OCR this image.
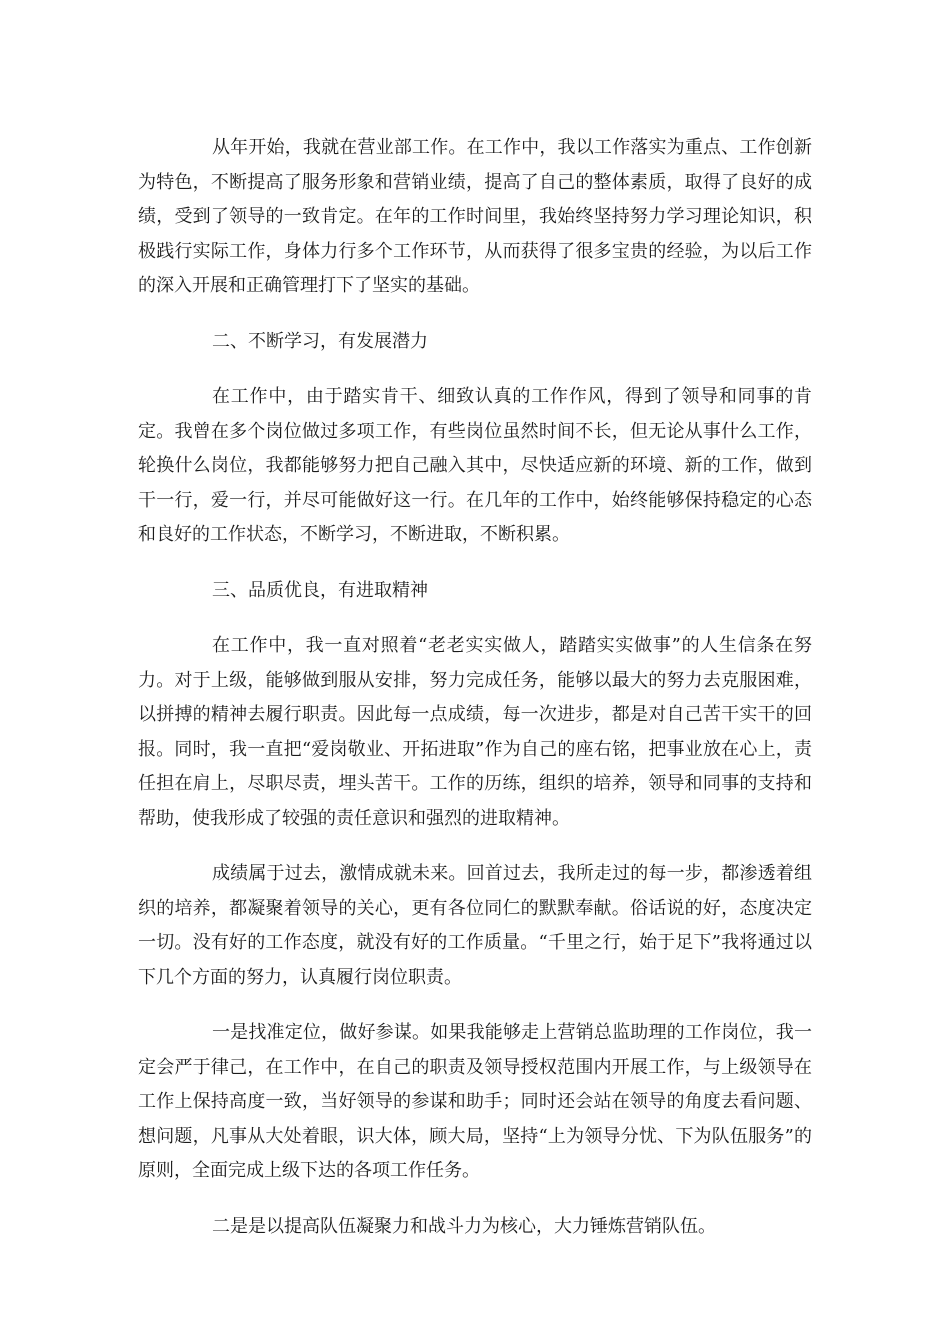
从年开始，我就在营业部工作。在工作中，我以工作落实为重点、工作创新为特色，不断提高了服务形象和营销业绩，提高了自己的整体素质，取得了良好的成绩，受到了领导的一致肯定。在年的工作时间里，我始终坚持努力学习理论知识，积极践行实际工作，身体力行多个工作环节，从而获得了很多宝贵的经验，为以后工作的深入开展和正确管理打下了坚实的基础。

二、不断学习，有发展潜力

在工作中，由于踏实肯干、细致认真的工作作风，得到了领导和同事的肯定。我曾在多个岗位做过多项工作，有些岗位虽然时间不长，但无论从事什么工作，轮换什么岗位，我都能够努力把自己融入其中，尽快适应新的环境、新的工作，做到干一行，爱一行，并尽可能做好这一行。在几年的工作中，始终能够保持稳定的心态和良好的工作状态，不断学习，不断进取，不断积累。

三、品质优良，有进取精神

在工作中，我一直对照着“老老实实做人，踏踏实实做事”的人生信条在努力。对于上级，能够做到服从安排，努力完成任务，能够以最大的努力去克服困难，以拼搏的精神去履行职责。因此每一点成绩，每一次进步，都是对自己苦干实干的回报。同时，我一直把“爱岗敬业、开拓进取”作为自己的座右铭，把事业放在心上，责任担在肩上，尽职尽责，埋头苦干。工作的历练，组织的培养，领导和同事的支持和帮助，使我形成了较强的责任意识和强烈的进取精神。

成绩属于过去，激情成就未来。回首过去，我所走过的每一步，都渗透着组织的培养，都凝聚着领导的关心，更有各位同仁的默默奉献。俗话说的好，态度决定一切。没有好的工作态度，就没有好的工作质量。“千里之行，始于足下”我将通过以下几个方面的努力，认真履行岗位职责。

一是找准定位，做好参谋。如果我能够走上营销总监助理的工作岗位，我一定会严于律己，在工作中，在自己的职责及领导授权范围内开展工作，与上级领导在工作上保持高度一致，当好领导的参谋和助手；同时还会站在领导的角度去看问题、想问题，凡事从大处着眼，识大体，顾大局，坚持“上为领导分忧、下为队伍服务”的原则，全面完成上级下达的各项工作任务。

二是是以提高队伍凝聚力和战斗力为核心，大力锤炼营销队伍。
